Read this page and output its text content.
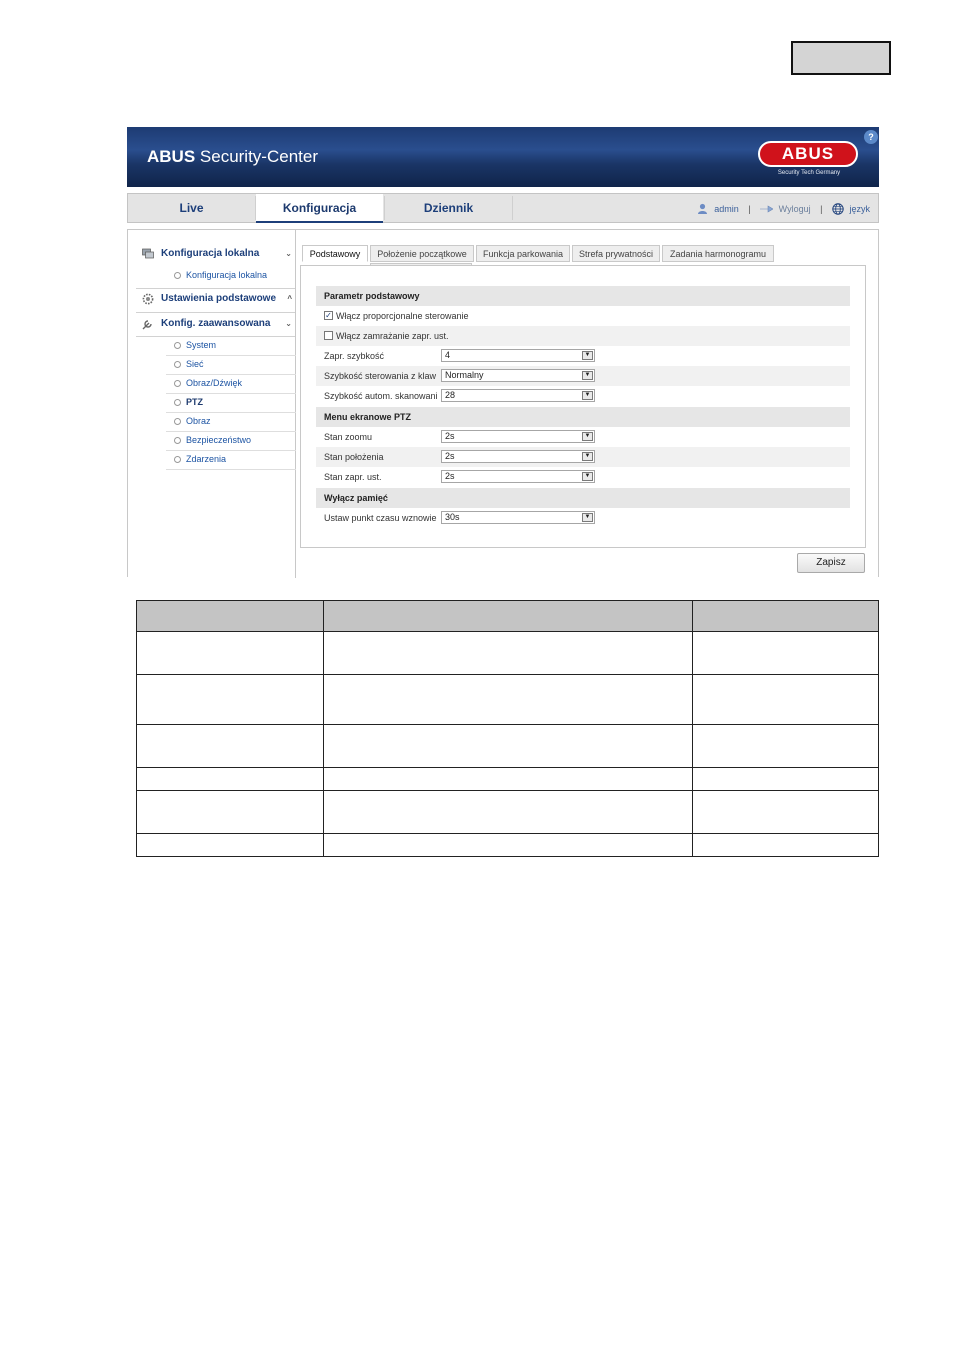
ABUS Security-Center	ABUS
Security Tech Germany
?
Live	Konfiguracja	Dziennik	admin |	Wyloguj |	język
Konfiguracja lokalna	⌄
Konfiguracja lokalna
Ustawienia podstawowe ^
Konfig. zaawansowana ⌄
System
Sieć
Obraz/Dźwięk
PTZ
Obraz
Bezpieczeństwo
Zdarzenia
Podstawowy	Położenie początkowe	Funkcja parkowania	Strefa prywatności	Zadania harmonogramu
Parametr podstawowy
✓ Włącz proporcjonalne sterowanie
Włącz zamrażanie zapr. ust.
Zapr. szybkość	4	▼
Szybkość sterowania z klaw Normalny	▼
Szybkość autom. skanowani 28	▼
Menu ekranowe PTZ
Stan zoomu	2s	▼
Stan położenia	2s	▼
Stan zapr. ust.	2s	▼
Wyłącz pamięć
Ustaw punkt czasu wznowie 30s	▼
Zapisz
